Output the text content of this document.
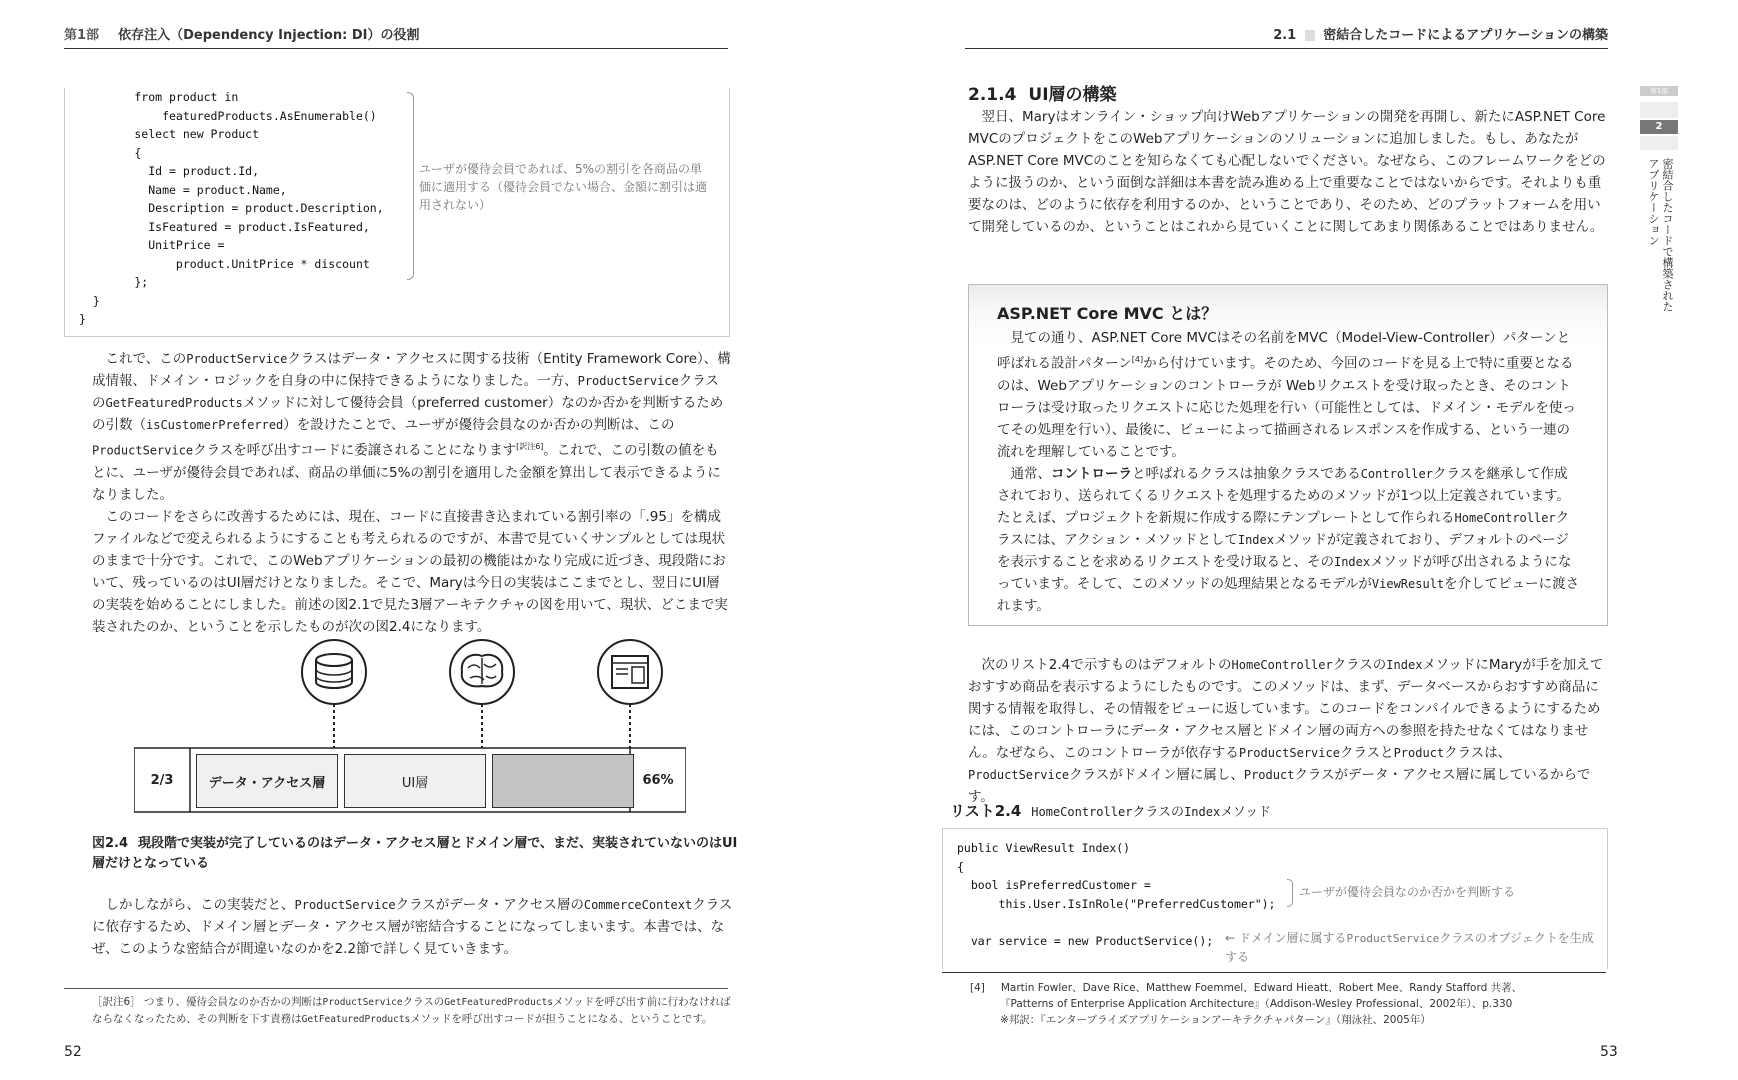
第1部 依存注入（Dependency Injection: DI）の役割	2.1 密結合したコードによるアプリケーションの構築
from product in
featuredProducts.AsEnumerable()
select new Product
{
Id = product.Id,
Name = product.Name,
Description = product.Description,
IsFeatured = product.IsFeatured,
UnitPrice =
product.UnitPrice * discount
};
}
}
ユーザが優待会員であれば、5%の割引を各商品の単価に適用する（優待会員でない場合、金額に割引は適用されない）

これで、このProductServiceクラスはデータ・アクセスに関する技術（Entity Framework Core）、構成情報、ドメイン・ロジックを自身の中に保持できるようになりました。一方、ProductServiceクラスのGetFeaturedProductsメソッドに対して優待会員（preferred customer）なのか否かを判断するための引数（isCustomerPreferred）を設けたことで、ユーザが優待会員なのか否かの判断は、このProductServiceクラスを呼び出すコードに委譲されることになります[訳注6]。これで、この引数の値をもとに、ユーザが優待会員であれば、商品の単価に5%の割引を適用した金額を算出して表示できるようになりました。

このコードをさらに改善するためには、現在、コードに直接書き込まれている割引率の「.95」を構成ファイルなどで変えられるようにすることも考えられるのですが、本書で見ていくサンプルとしては現状のままで十分です。これで、このWebアプリケーションの最初の機能はかなり完成に近づき、現段階において、残っているのはUI層だけとなりました。そこで、Maryは今日の実装はここまでとし、翌日にUI層の実装を始めることにしました。前述の図2.1で見た3層アーキテクチャの図を用いて、現状、どこまで実装されたのか、ということを示したものが次の図2.4になります。

2/3	データ・アクセス層	UI層	66%
図2.4 現段階で実装が完了しているのはデータ・アクセス層とドメイン層で、まだ、実装されていないのはUI層だけとなっている

しかしながら、この実装だと、ProductServiceクラスがデータ・アクセス層のCommerceContextクラスに依存するため、ドメイン層とデータ・アクセス層が密結合することになってしまいます。本書では、なぜ、このような密結合が間違いなのかを2.2節で詳しく見ていきます。

［訳注6］ つまり、優待会員なのか否かの判断はProductServiceクラスのGetFeaturedProductsメソッドを呼び出す前に行わなければならなくなったため、その判断を下す責務はGetFeaturedProductsメソッドを呼び出すコードが担うことになる、ということです。
52
2.1.4 UI層の構築

翌日、Maryはオンライン・ショップ向けWebアプリケーションの開発を再開し、新たにASP.NET Core MVCのプロジェクトをこのWebアプリケーションのソリューションに追加しました。もし、あなたがASP.NET Core MVCのことを知らなくても心配しないでください。なぜなら、このフレームワークをどのように扱うのか、という面倒な詳細は本書を読み進める上で重要なことではないからです。それよりも重要なのは、どのように依存を利用するのか、ということであり、そのため、どのプラットフォームを用いて開発しているのか、ということはこれから見ていくことに関してあまり関係あることではありません。

ASP.NET Core MVC とは？

見ての通り、ASP.NET Core MVCはその名前をMVC（Model-View-Controller）パターンと呼ばれる設計パターン[4]から付けています。そのため、今回のコードを見る上で特に重要となるのは、Webアプリケーションのコントローラが Webリクエストを受け取ったとき、そのコントローラは受け取ったリクエストに応じた処理を行い（可能性としては、ドメイン・モデルを使ってその処理を行い）、最後に、ビューによって描画されるレスポンスを作成する、という一連の流れを理解していることです。

通常、コントローラと呼ばれるクラスは抽象クラスであるControllerクラスを継承して作成されており、送られてくるリクエストを処理するためのメソッドが1つ以上定義されています。たとえば、プロジェクトを新規に作成する際にテンプレートとして作られるHomeControllerクラスには、アクション・メソッドとしてIndexメソッドが定義されており、デフォルトのページを表示することを求めるリクエストを受け取ると、そのIndexメソッドが呼び出されるようになっています。そして、このメソッドの処理結果となるモデルがViewResultを介してビューに渡されます。

次のリスト2.4で示すものはデフォルトのHomeControllerクラスのIndexメソッドにMaryが手を加えておすすめ商品を表示するようにしたものです。このメソッドは、まず、データベースからおすすめ商品に関する情報を取得し、その情報をビューに返しています。このコードをコンパイルできるようにするためには、このコントローラにデータ・アクセス層とドメイン層の両方への参照を持たせなくてはなりません。なぜなら、このコントローラが依存するProductServiceクラスとProductクラスは、ProductServiceクラスがドメイン層に属し、Productクラスがデータ・アクセス層に属しているからです。

リスト2.4 HomeControllerクラスのIndexメソッド
public ViewResult Index()
{
bool isPreferredCustomer =
this.User.IsInRole("PreferredCustomer");

var service = new ProductService();
ユーザが優待会員なのか否かを判断する
← ドメイン層に属するProductServiceクラスのオブジェクトを生成する
[4] Martin Fowler、Dave Rice、Matthew Foemmel、Edward Hieatt、Robert Mee、Randy Stafford 共著、
『Patterns of Enterprise Application Architecture』（Addison-Wesley Professional、2002年）、p.330
※邦訳：『エンタープライズアプリケーションアーキテクチャパターン』（翔泳社、2005年）
53
第1部
2
密結合したコードで構築されたアプリケーション
